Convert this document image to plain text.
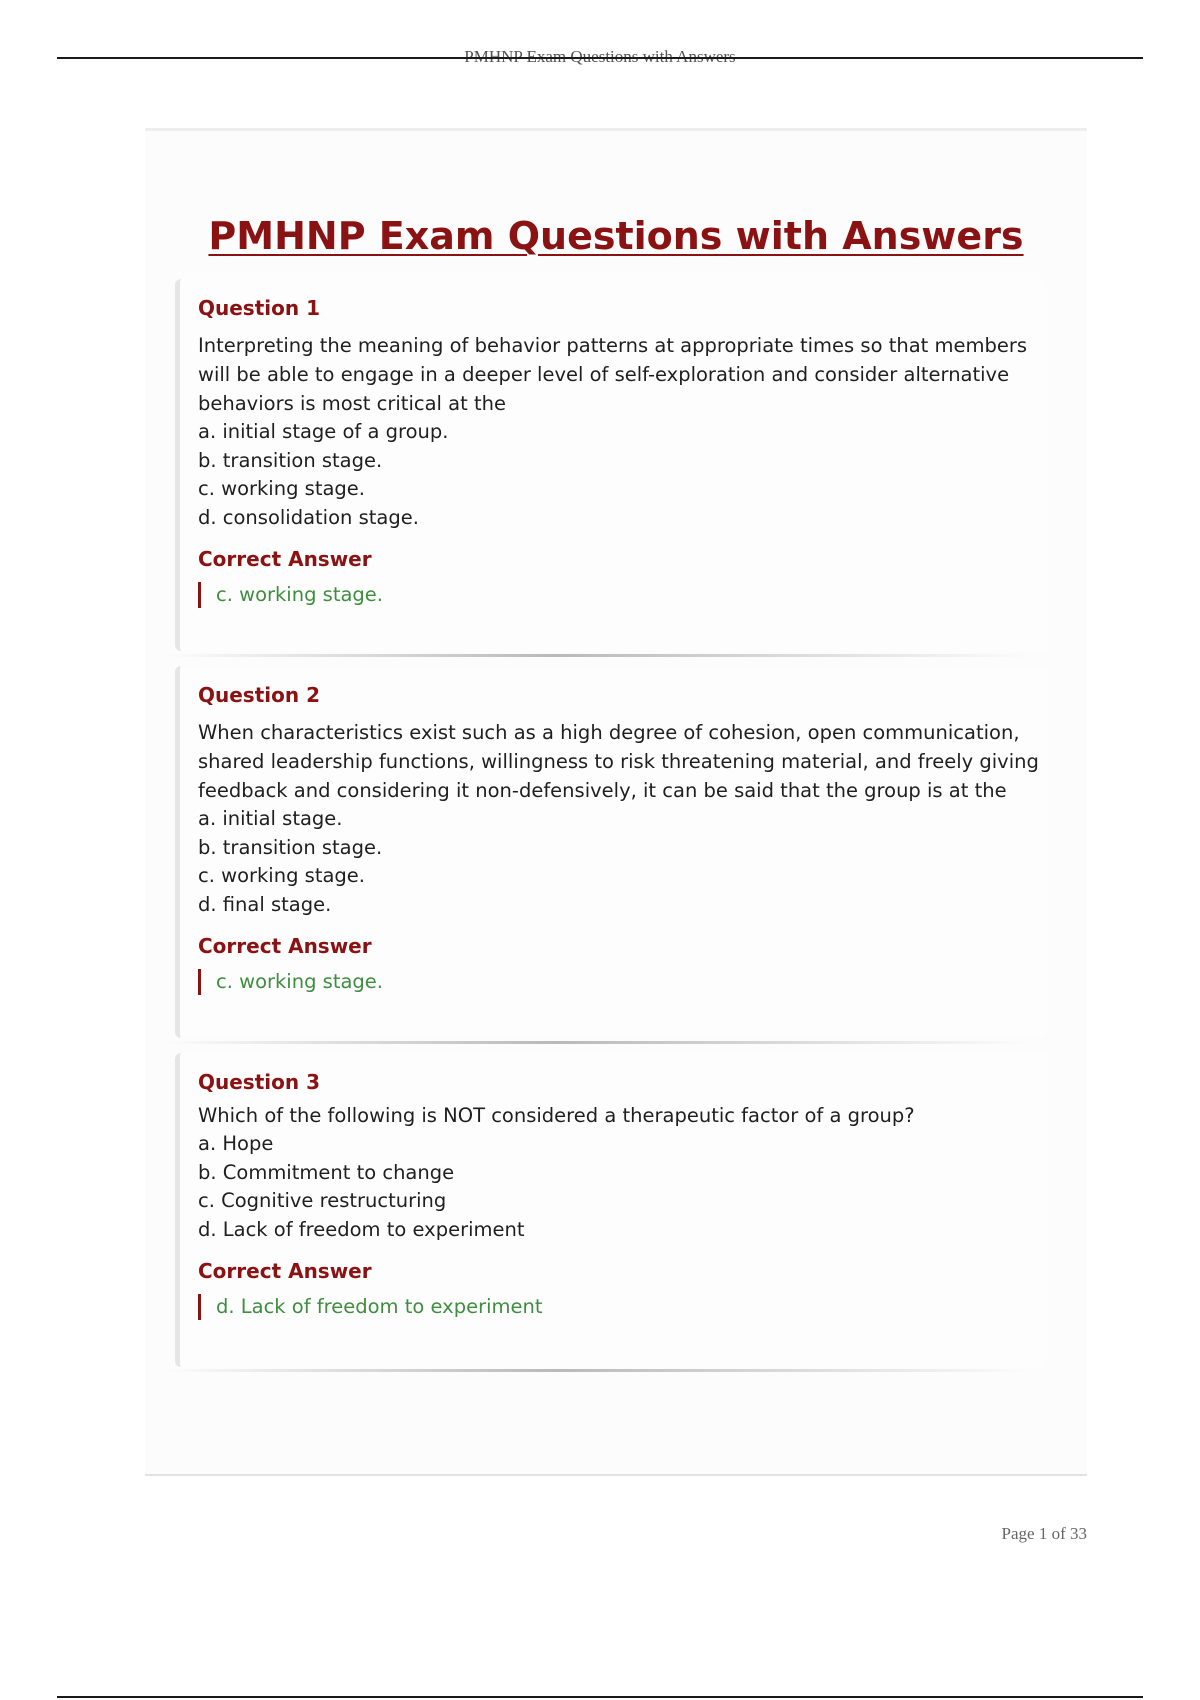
PMHNP Exam Questions with Answers
Question 1
Interpreting the meaning of behavior patterns at appropriate times so that members will be able to engage in a deeper level of self-exploration and consider alternative behaviors is most critical at the
a. initial stage of a group.
b. transition stage.
c. working stage.
d. consolidation stage.
Correct Answer
c. working stage.
Question 2
When characteristics exist such as a high degree of cohesion, open communication, shared leadership functions, willingness to risk threatening material, and freely giving feedback and considering it non-defensively, it can be said that the group is at the
a. initial stage.
b. transition stage.
c. working stage.
d. final stage.
Correct Answer
c. working stage.
Question 3
Which of the following is NOT considered a therapeutic factor of a group?
a. Hope
b. Commitment to change
c. Cognitive restructuring
d. Lack of freedom to experiment
Correct Answer
d. Lack of freedom to experiment
Page 1 of 33
